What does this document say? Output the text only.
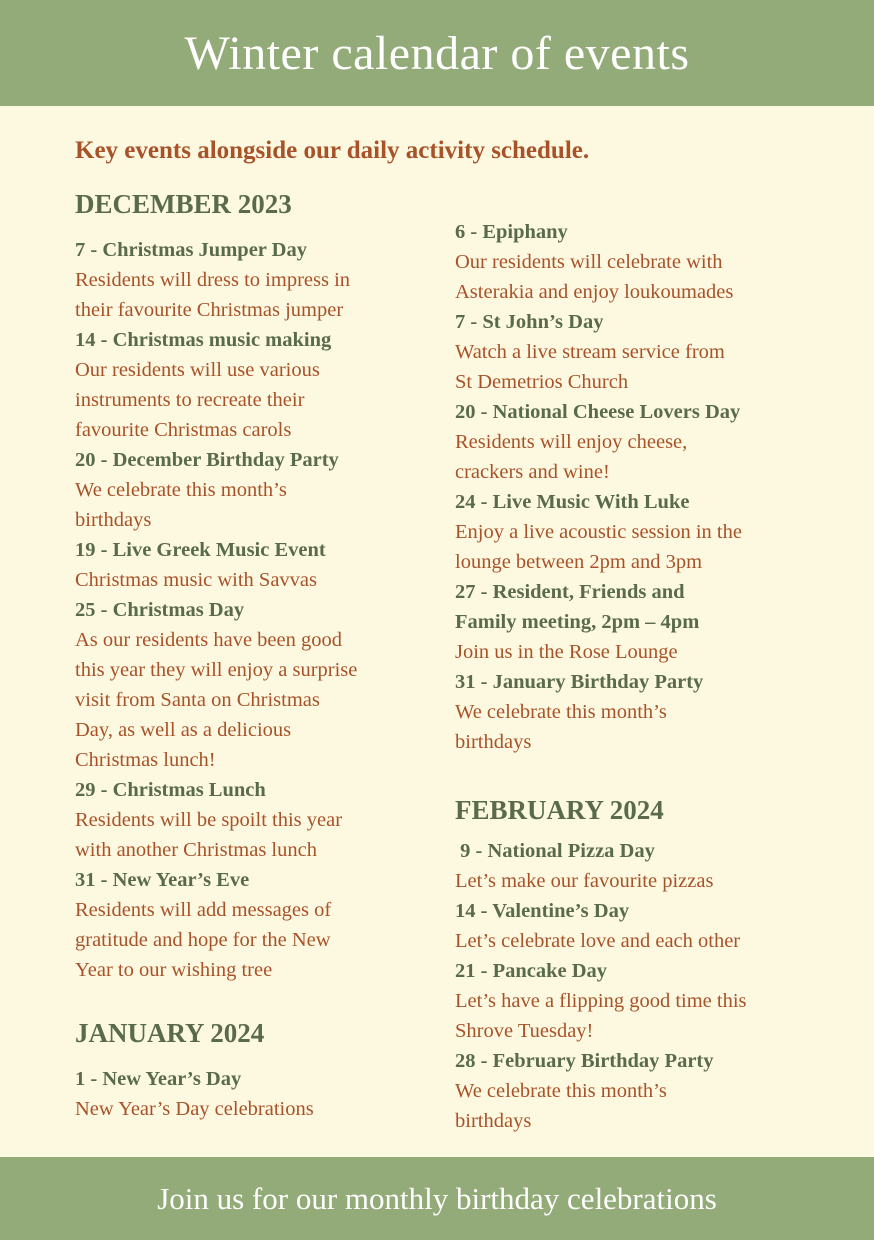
Winter calendar of events

Key events alongside our daily activity schedule.

DECEMBER 2023

7 - Christmas Jumper Day

Residents will dress to impress in

their favourite Christmas jumper

14 - Christmas music making

Our residents will use various

instruments to recreate their

favourite Christmas carols

20 - December Birthday Party

We celebrate this month’s

birthdays

19 - Live Greek Music Event

Christmas music with Savvas

25 - Christmas Day

As our residents have been good

this year they will enjoy a surprise

visit from Santa on Christmas

Day, as well as a delicious

Christmas lunch!

29 - Christmas Lunch

Residents will be spoilt this year

with another Christmas lunch

31 - New Year’s Eve

Residents will add messages of

gratitude and hope for the New

Year to our wishing tree

JANUARY 2024

1 - New Year’s Day

New Year’s Day celebrations

6 - Epiphany

Our residents will celebrate with

Asterakia and enjoy loukoumades

7 - St John’s Day

Watch a live stream service from

St Demetrios Church

20 - National Cheese Lovers Day

Residents will enjoy cheese,

crackers and wine!

24 - Live Music With Luke

Enjoy a live acoustic session in the

lounge between 2pm and 3pm

27 - Resident, Friends and

Family meeting, 2pm – 4pm

Join us in the Rose Lounge

31 - January Birthday Party

We celebrate this month’s

birthdays

FEBRUARY 2024

9 - National Pizza Day

Let’s make our favourite pizzas

14 - Valentine’s Day

Let’s celebrate love and each other

21 - Pancake Day

Let’s have a flipping good time this

Shrove Tuesday!

28 - February Birthday Party

We celebrate this month’s

birthdays

Join us for our monthly birthday celebrations
